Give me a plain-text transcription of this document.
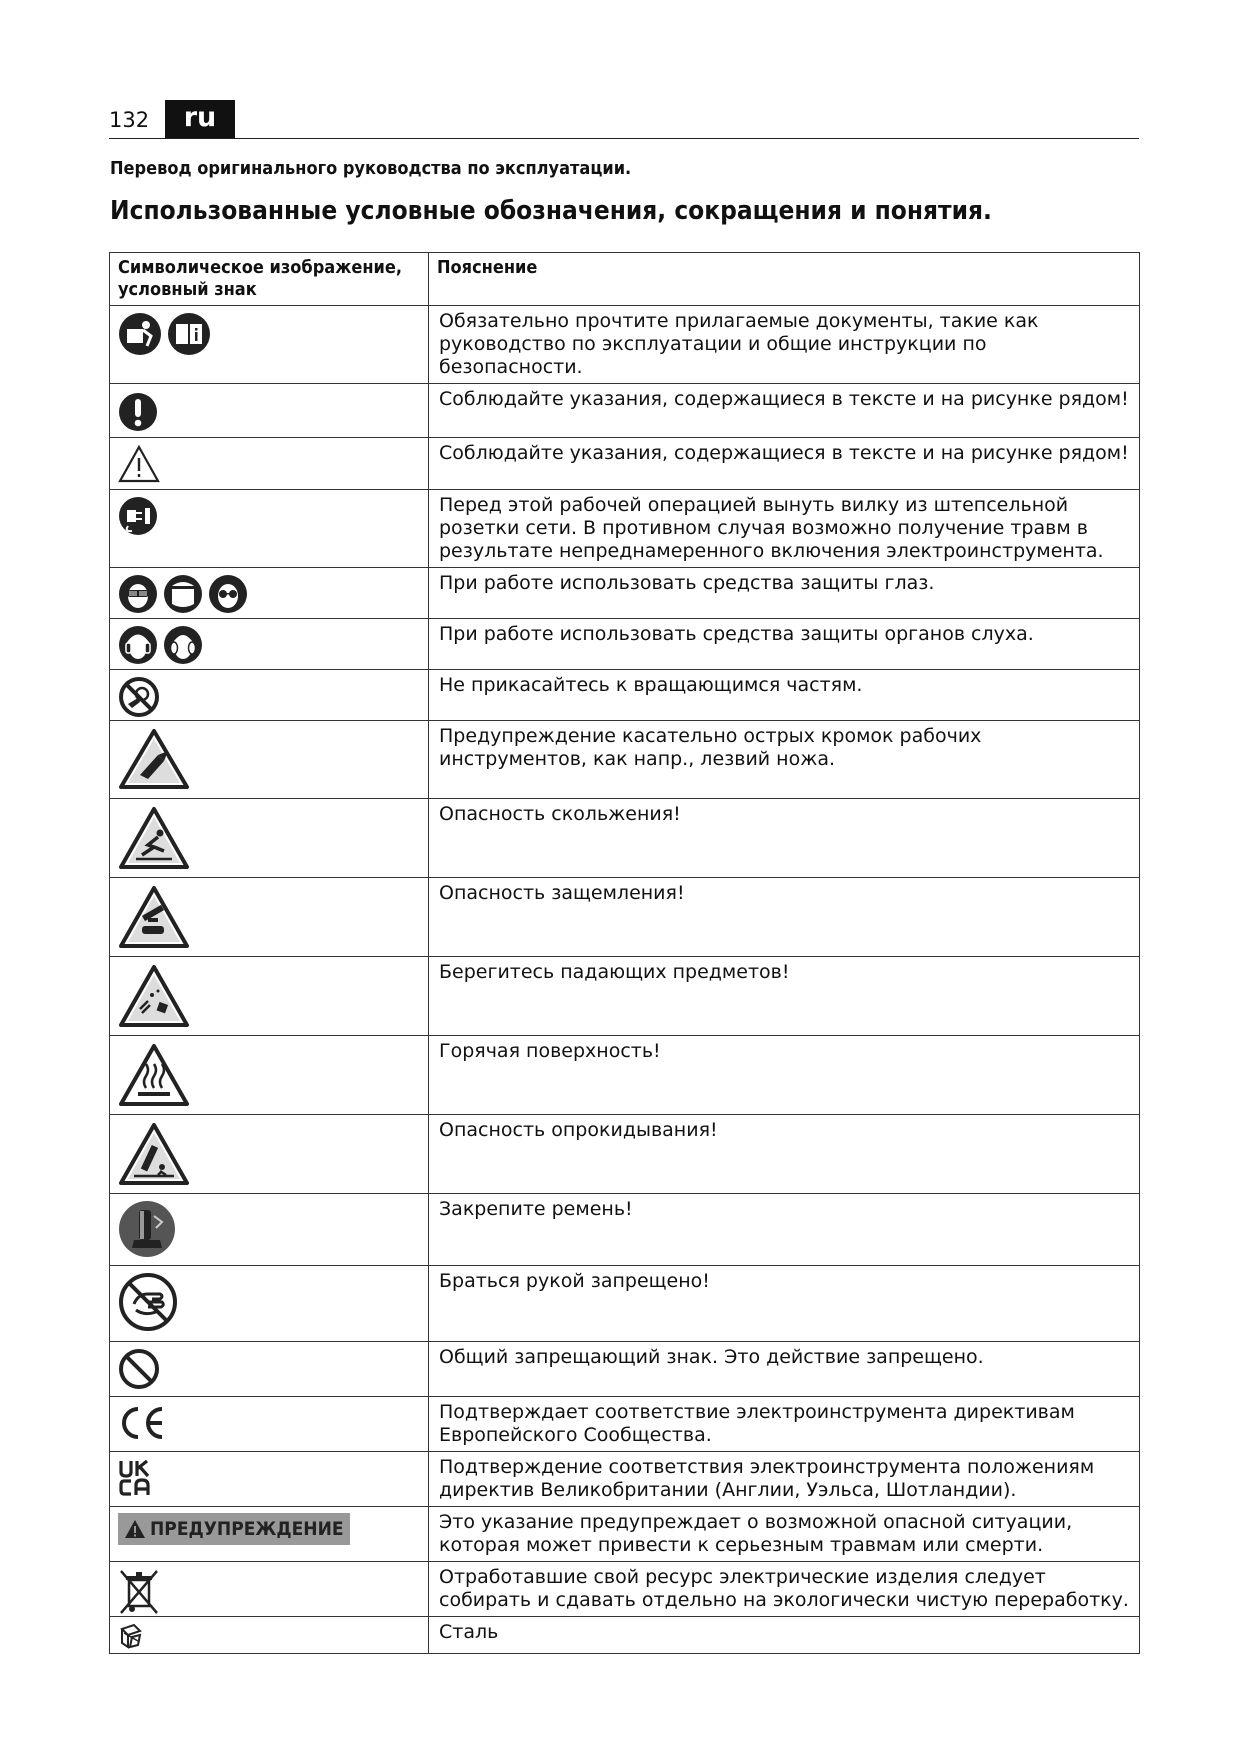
132	ru
Перевод оригинального руководства по эксплуатации.
Использованные условные обозначения, сокращения и понятия.
Символическое изображение, условный знак	Пояснение
	Обязательно прочтите прилагаемые документы, такие как руководство по эксплуатации и общие инструкции по безопасности.
	Соблюдайте указания, содержащиеся в тексте и на рисунке рядом!
	Соблюдайте указания, содержащиеся в тексте и на рисунке рядом!
	Перед этой рабочей операцией вынуть вилку из штепсельной розетки сети. В противном случая возможно получение травм в результате непреднамеренного включения электроинструмента.
	При работе использовать средства защиты глаз.
	При работе использовать средства защиты органов слуха.
	Не прикасайтесь к вращающимся частям.
	Предупреждение касательно острых кромок рабочих инструментов, как напр., лезвий ножа.
	Опасность скольжения!
	Опасность защемления!
	Берегитесь падающих предметов!
	Горячая поверхность!
	Опасность опрокидывания!
	Закрепите ремень!
	Браться рукой запрещено!
	Общий запрещающий знак. Это действие запрещено.
	Подтверждает соответствие электроинструмента директивам Европейского Сообщества.
	Подтверждение соответствия электроинструмента положениям директив Великобритании (Англии, Уэльса, Шотландии).

ПРЕДУПРЕЖДЕНИЕ	Это указание предупреждает о возможной опасной ситуации, которая может привести к серьезным травмам или смерти.
	Отработавшие свой ресурс электрические изделия следует собирать и сдавать отдельно на экологически чистую переработку.
	Сталь
